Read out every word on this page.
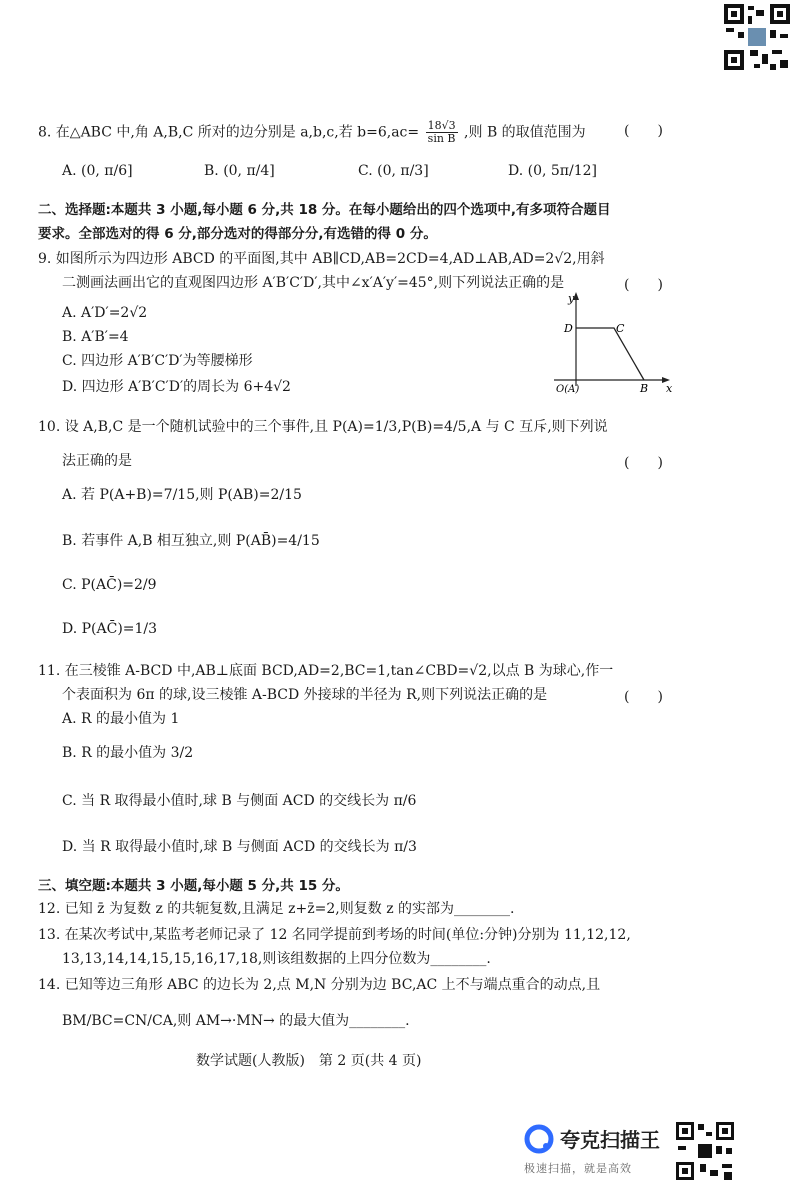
8. 在△ABC 中,角 A,B,C 所对的边分别是 a,b,c,若 $b=6,ac= \frac{18√3}{\text{sin B}}$ ,则 B 的取值范围为	(　　)
A. (0, π/6]	B. (0, π/4]	C. (0, π/3]	D. (0, 5π/12]
二、选择题:本题共 3 小题,每小题 6 分,共 18 分。在每小题给出的四个选项中,有多项符合题目
要求。全部选对的得 6 分,部分选对的得部分分,有选错的得 0 分。
9. 如图所示为四边形 ABCD 的平面图,其中 AB∥CD,AB=2CD=4,AD⊥AB,AD=2√2,用斜
二测画法画出它的直观图四边形 A′B′C′D′,其中∠x′A′y′=45°,则下列说法正确的是	(　　)
A. A′D′=2√2
B. A′B′=4
C. 四边形 A′B′C′D′为等腰梯形
D. 四边形 A′B′C′D′的周长为 6+4√2
y
D	C
O(A)	B x
10. 设 A,B,C 是一个随机试验中的三个事件,且 P(A)=1/3,P(B)=4/5,A 与 C 互斥,则下列说
法正确的是	(　　)
A. 若 P(A+B)=7/15,则 P(AB)=2/15
B. 若事件 A,B 相互独立,则 P(AB̄)=4/15
C. P(AC̄)=2/9
D. P(AC̄)=1/3
11. 在三棱锥 A-BCD 中,AB⊥底面 BCD,AD=2,BC=1,tan∠CBD=√2,以点 B 为球心,作一
个表面积为 6π 的球,设三棱锥 A-BCD 外接球的半径为 R,则下列说法正确的是	(　　)
A. R 的最小值为 1
B. R 的最小值为 3/2
C. 当 R 取得最小值时,球 B 与侧面 ACD 的交线长为 π/6
D. 当 R 取得最小值时,球 B 与侧面 ACD 的交线长为 π/3
三、填空题:本题共 3 小题,每小题 5 分,共 15 分。
12. 已知 z̄ 为复数 z 的共轭复数,且满足 z+z̄=2,则复数 z 的实部为________.
13. 在某次考试中,某监考老师记录了 12 名同学提前到考场的时间(单位:分钟)分别为 11,12,12,
13,13,14,14,15,15,16,17,18,则该组数据的上四分位数为________.
14. 已知等边三角形 ABC 的边长为 2,点 M,N 分别为边 BC,AC 上不与端点重合的动点,且
BM/BC=CN/CA,则 AM→·MN→ 的最大值为________.
数学试题(人教版)　第 2 页(共 4 页)
夸克扫描王
极速扫描，就是高效
